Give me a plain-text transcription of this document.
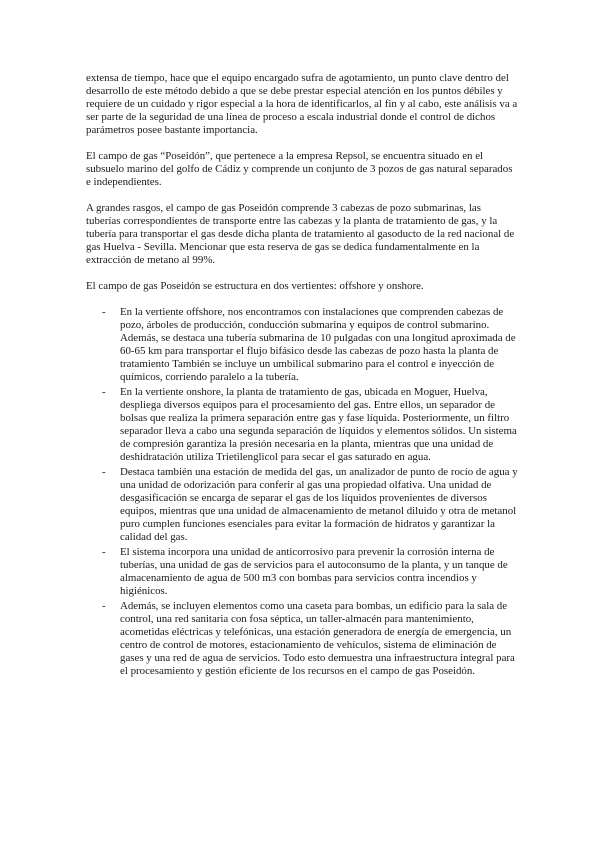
extensa de tiempo, hace que el equipo encargado sufra de agotamiento, un punto clave dentro del desarrollo de este método debido a que se debe prestar especial atención en los puntos débiles y requiere de un cuidado y rigor especial a la hora de identificarlos, al fin y al cabo, este análisis va a ser parte de la seguridad de una línea de proceso a escala industrial donde el control de dichos parámetros posee bastante importancia.

El campo de gas “Poseidón”, que pertenece a la empresa Repsol, se encuentra situado en el subsuelo marino del golfo de Cádiz y comprende un conjunto de 3 pozos de gas natural separados e independientes.

A grandes rasgos, el campo de gas Poseidón comprende 3 cabezas de pozo submarinas, las tuberías correspondientes de transporte entre las cabezas y la planta de tratamiento de gas, y la tubería para transportar el gas desde dicha planta de tratamiento al gasoducto de la red nacional de gas Huelva - Sevilla. Mencionar que esta reserva de gas se dedica fundamentalmente en la extracción de metano al 99%.

El campo de gas Poseidón se estructura en dos vertientes: offshore y onshore.

- En la vertiente offshore, nos encontramos con instalaciones que comprenden cabezas de pozo, árboles de producción, conducción submarina y equipos de control submarino. Además, se destaca una tubería submarina de 10 pulgadas con una longitud aproximada de 60-65 km para transportar el flujo bifásico desde las cabezas de pozo hasta la planta de tratamiento También se incluye un umbilical submarino para el control e inyección de químicos, corriendo paralelo a la tubería.
- En la vertiente onshore, la planta de tratamiento de gas, ubicada en Moguer, Huelva, despliega diversos equipos para el procesamiento del gas. Entre ellos, un separador de bolsas que realiza la primera separación entre gas y fase líquida. Posteriormente, un filtro separador lleva a cabo una segunda separación de líquidos y elementos sólidos. Un sistema de compresión garantiza la presión necesaria en la planta, mientras que una unidad de deshidratación utiliza Trietilenglicol para secar el gas saturado en agua.
- Destaca también una estación de medida del gas, un analizador de punto de rocío de agua y una unidad de odorización para conferir al gas una propiedad olfativa. Una unidad de desgasificación se encarga de separar el gas de los líquidos provenientes de diversos equipos, mientras que una unidad de almacenamiento de metanol diluido y otra de metanol puro cumplen funciones esenciales para evitar la formación de hidratos y garantizar la calidad del gas.
- El sistema incorpora una unidad de anticorrosivo para prevenir la corrosión interna de tuberías, una unidad de gas de servicios para el autoconsumo de la planta, y un tanque de almacenamiento de agua de 500 m3 con bombas para servicios contra incendios y higiénicos.
- Además, se incluyen elementos como una caseta para bombas, un edificio para la sala de control, una red sanitaria con fosa séptica, un taller-almacén para mantenimiento, acometidas eléctricas y telefónicas, una estación generadora de energía de emergencia, un centro de control de motores, estacionamiento de vehículos, sistema de eliminación de gases y una red de agua de servicios. Todo esto demuestra una infraestructura integral para el procesamiento y gestión eficiente de los recursos en el campo de gas Poseidón.
